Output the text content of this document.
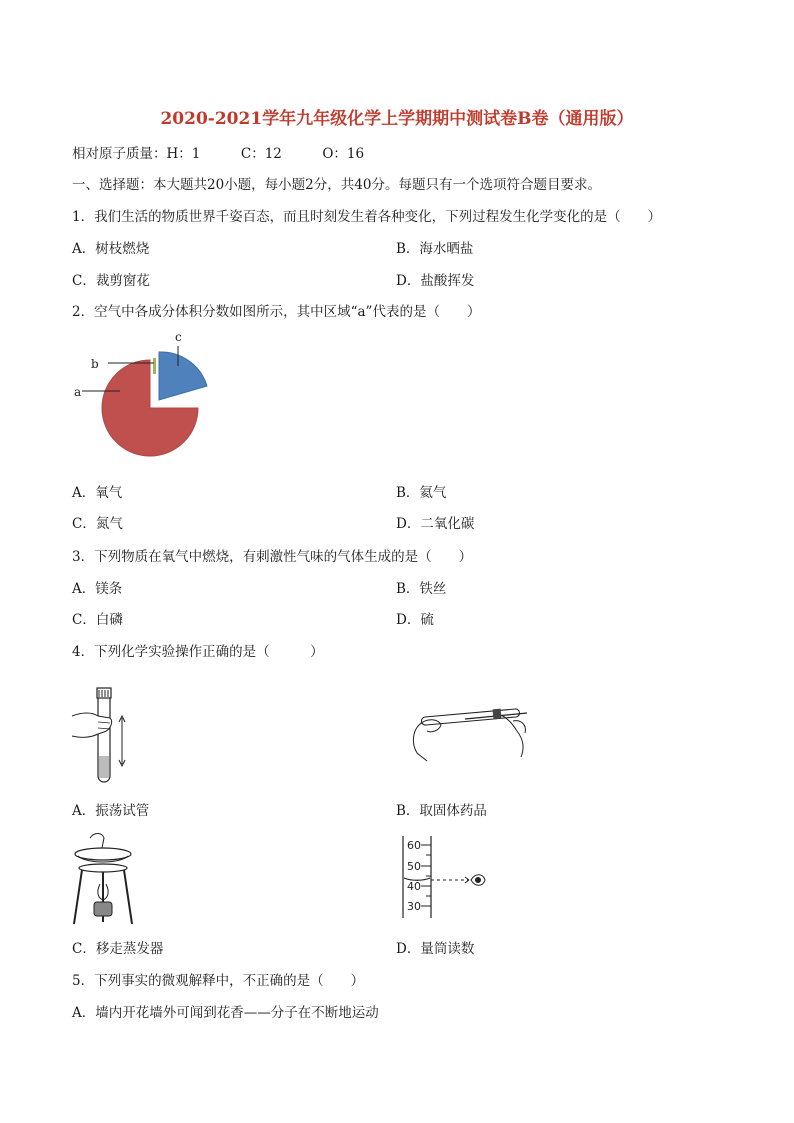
2020-2021学年九年级化学上学期期中测试卷B卷（通用版）
相对原子质量：H：1　　　C：12　　　O：16
一、选择题：本大题共20小题，每小题2分，共40分。每题只有一个选项符合题目要求。
1．我们生活的物质世界千姿百态，而且时刻发生着各种变化，下列过程发生化学变化的是（　　）
A．树枝燃烧	B．海水晒盐
C．裁剪窗花	D．盐酸挥发
2．空气中各成分体积分数如图所示，其中区域“a”代表的是（　　）
a
b
c
A．氧气	B．氦气
C．氮气	D．二氧化碳
3．下列物质在氧气中燃烧，有刺激性气味的气体生成的是（　　）
A．镁条	B．铁丝
C．白磷	D．硫
4．下列化学实验操作正确的是（　　　）
A．振荡试管	B．取固体药品
60
50
40
30
C．移走蒸发器	D．量筒读数
5．下列事实的微观解释中，不正确的是（　　）
A．墙内开花墙外可闻到花香——分子在不断地运动
